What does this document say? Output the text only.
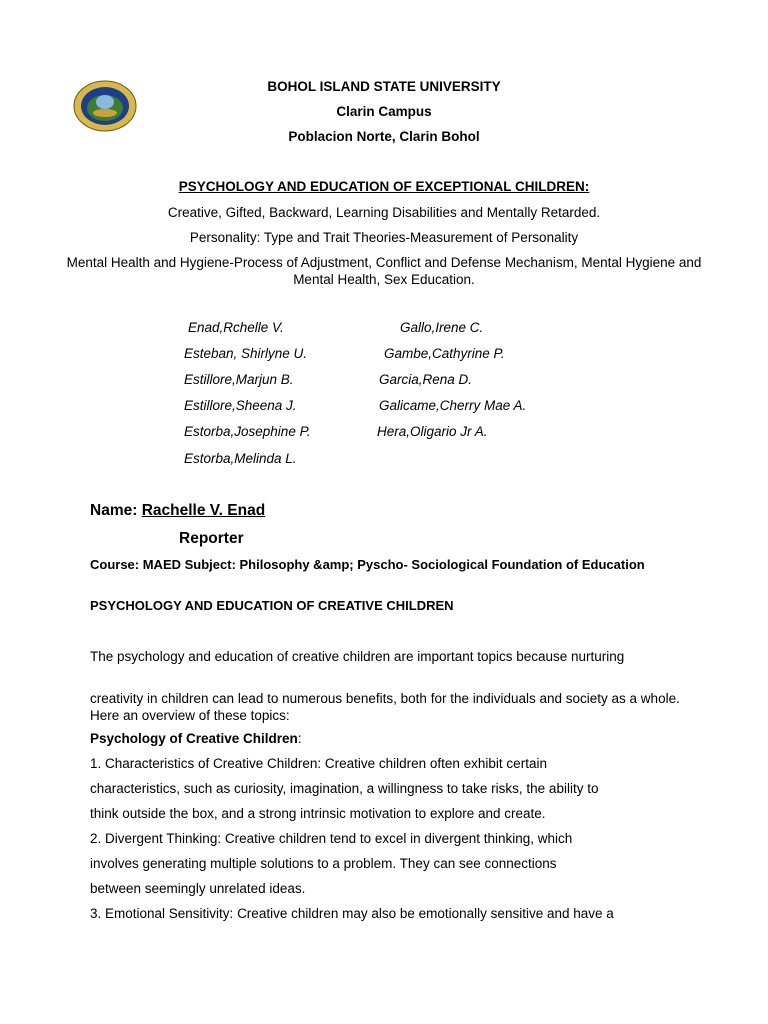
BOHOL ISLAND STATE UNIVERSITY
Clarin Campus
Poblacion Norte, Clarin Bohol
PSYCHOLOGY AND EDUCATION OF EXCEPTIONAL CHILDREN:
Creative, Gifted, Backward, Learning Disabilities and Mentally Retarded.
Personality: Type and Trait Theories-Measurement of Personality
Mental Health and Hygiene-Process of Adjustment, Conflict and Defense Mechanism, Mental Hygiene and Mental Health, Sex Education.
Enad,Rchelle V.
Esteban, Shirlyne U.
Estillore,Marjun B.
Estillore,Sheena J.
Estorba,Josephine P.
Estorba,Melinda L.
Gallo,Irene C.
Gambe,Cathyrine P.
Garcia,Rena D.
Galicame,Cherry Mae A.
Hera,Oligario Jr A.
Name: Rachelle V. Enad
Reporter
Course: MAED Subject: Philosophy &amp; Pyscho- Sociological Foundation of Education
PSYCHOLOGY AND EDUCATION OF CREATIVE CHILDREN
The psychology and education of creative children are important topics because nurturing
creativity in children can lead to numerous benefits, both for the individuals and society as a whole. Here an overview of these topics:
Psychology of Creative Children:
1. Characteristics of Creative Children: Creative children often exhibit certain
characteristics, such as curiosity, imagination, a willingness to take risks, the ability to
think outside the box, and a strong intrinsic motivation to explore and create.
2. Divergent Thinking: Creative children tend to excel in divergent thinking, which
involves generating multiple solutions to a problem. They can see connections
between seemingly unrelated ideas.
3. Emotional Sensitivity: Creative children may also be emotionally sensitive and have a
